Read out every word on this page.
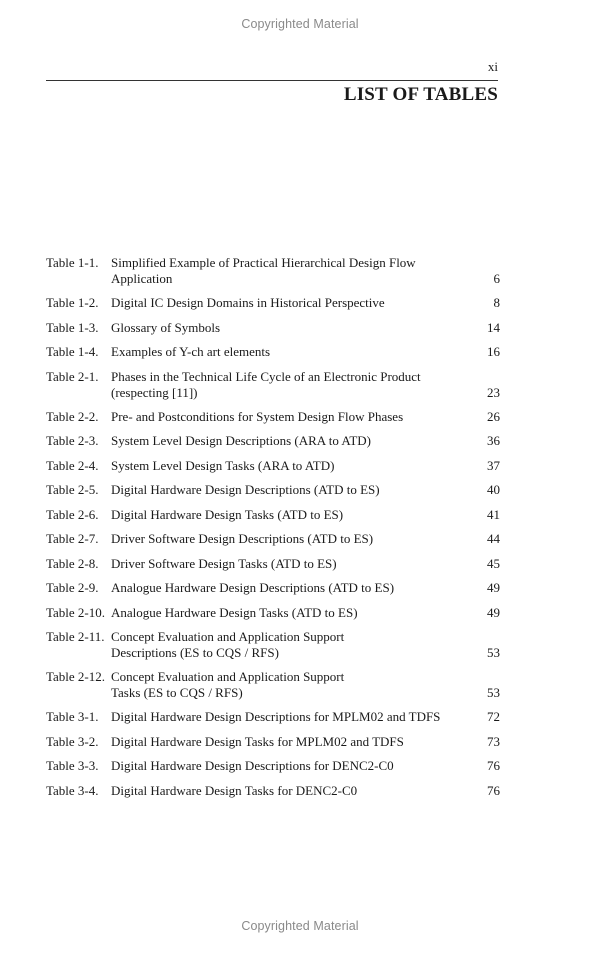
Copyrighted Material
xi
LIST OF TABLES
Table 1-1. Simplified Example of Practical Hierarchical Design Flow
Application	6
Table 1-2. Digital IC Design Domains in Historical Perspective	8
Table 1-3. Glossary of Symbols	14
Table 1-4. Examples of Y-ch art elements	16
Table 2-1. Phases in the Technical Life Cycle of an Electronic Product
(respecting [11])	23
Table 2-2. Pre- and Postconditions for System Design Flow Phases	26
Table 2-3. System Level Design Descriptions (ARA to ATD)	36
Table 2-4. System Level Design Tasks (ARA to ATD)	37
Table 2-5. Digital Hardware Design Descriptions (ATD to ES)	40
Table 2-6. Digital Hardware Design Tasks (ATD to ES)	41
Table 2-7. Driver Software Design Descriptions (ATD to ES)	44
Table 2-8. Driver Software Design Tasks (ATD to ES)	45
Table 2-9. Analogue Hardware Design Descriptions (ATD to ES)	49
Table 2-10. Analogue Hardware Design Tasks (ATD to ES)	49
Table 2-11. Concept Evaluation and Application Support
Descriptions (ES to CQS / RFS)	53
Table 2-12. Concept Evaluation and Application Support
Tasks (ES to CQS / RFS)	53
Table 3-1. Digital Hardware Design Descriptions for MPLM02 and TDFS	72
Table 3-2. Digital Hardware Design Tasks for MPLM02 and TDFS	73
Table 3-3. Digital Hardware Design Descriptions for DENC2-C0	76
Table 3-4. Digital Hardware Design Tasks for DENC2-C0	76
Copyrighted Material
